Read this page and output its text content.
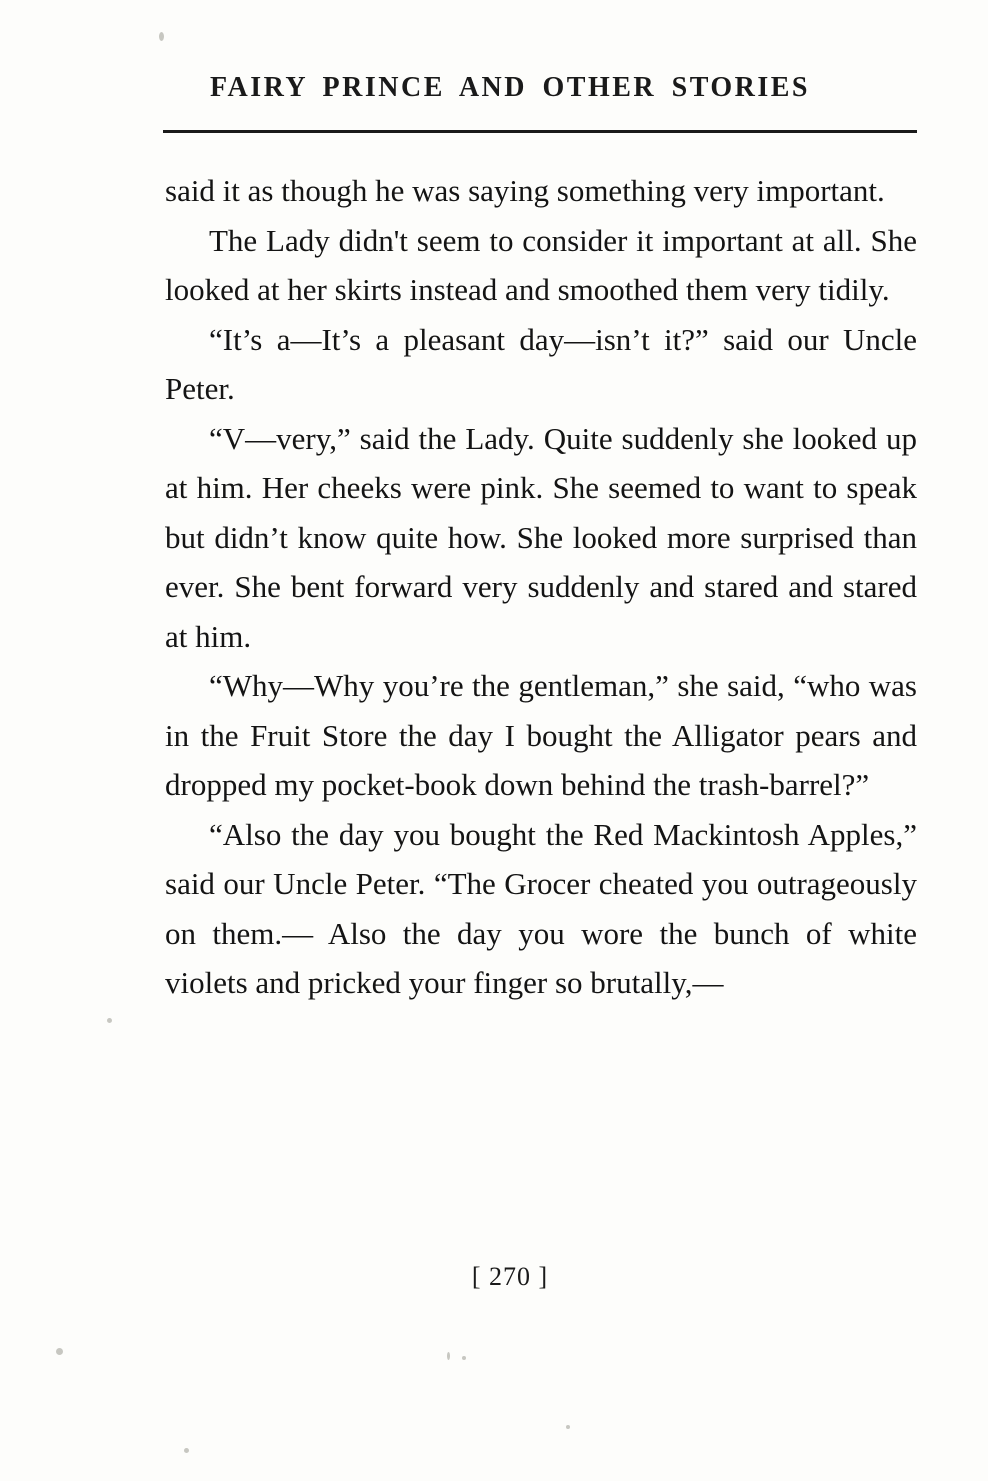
FAIRY PRINCE AND OTHER STORIES

said it as though he was saying something very important.

The Lady didn't seem to consider it important at all. She looked at her skirts instead and smoothed them very tidily.

“It’s a—It’s a pleasant day—isn’t it?” said our Uncle Peter.

“V—very,” said the Lady. Quite suddenly she looked up at him. Her cheeks were pink. She seemed to want to speak but didn’t know quite how. She looked more surprised than ever. She bent forward very suddenly and stared and stared at him.

“Why—Why you’re the gentleman,” she said, “who was in the Fruit Store the day I bought the Alligator pears and dropped my pocket-book down behind the trash-barrel?”

“Also the day you bought the Red Mackintosh Apples,” said our Uncle Peter. “The Grocer cheated you outrageously on them.— Also the day you wore the bunch of white violets and pricked your finger so brutally,—

[ 270 ]
